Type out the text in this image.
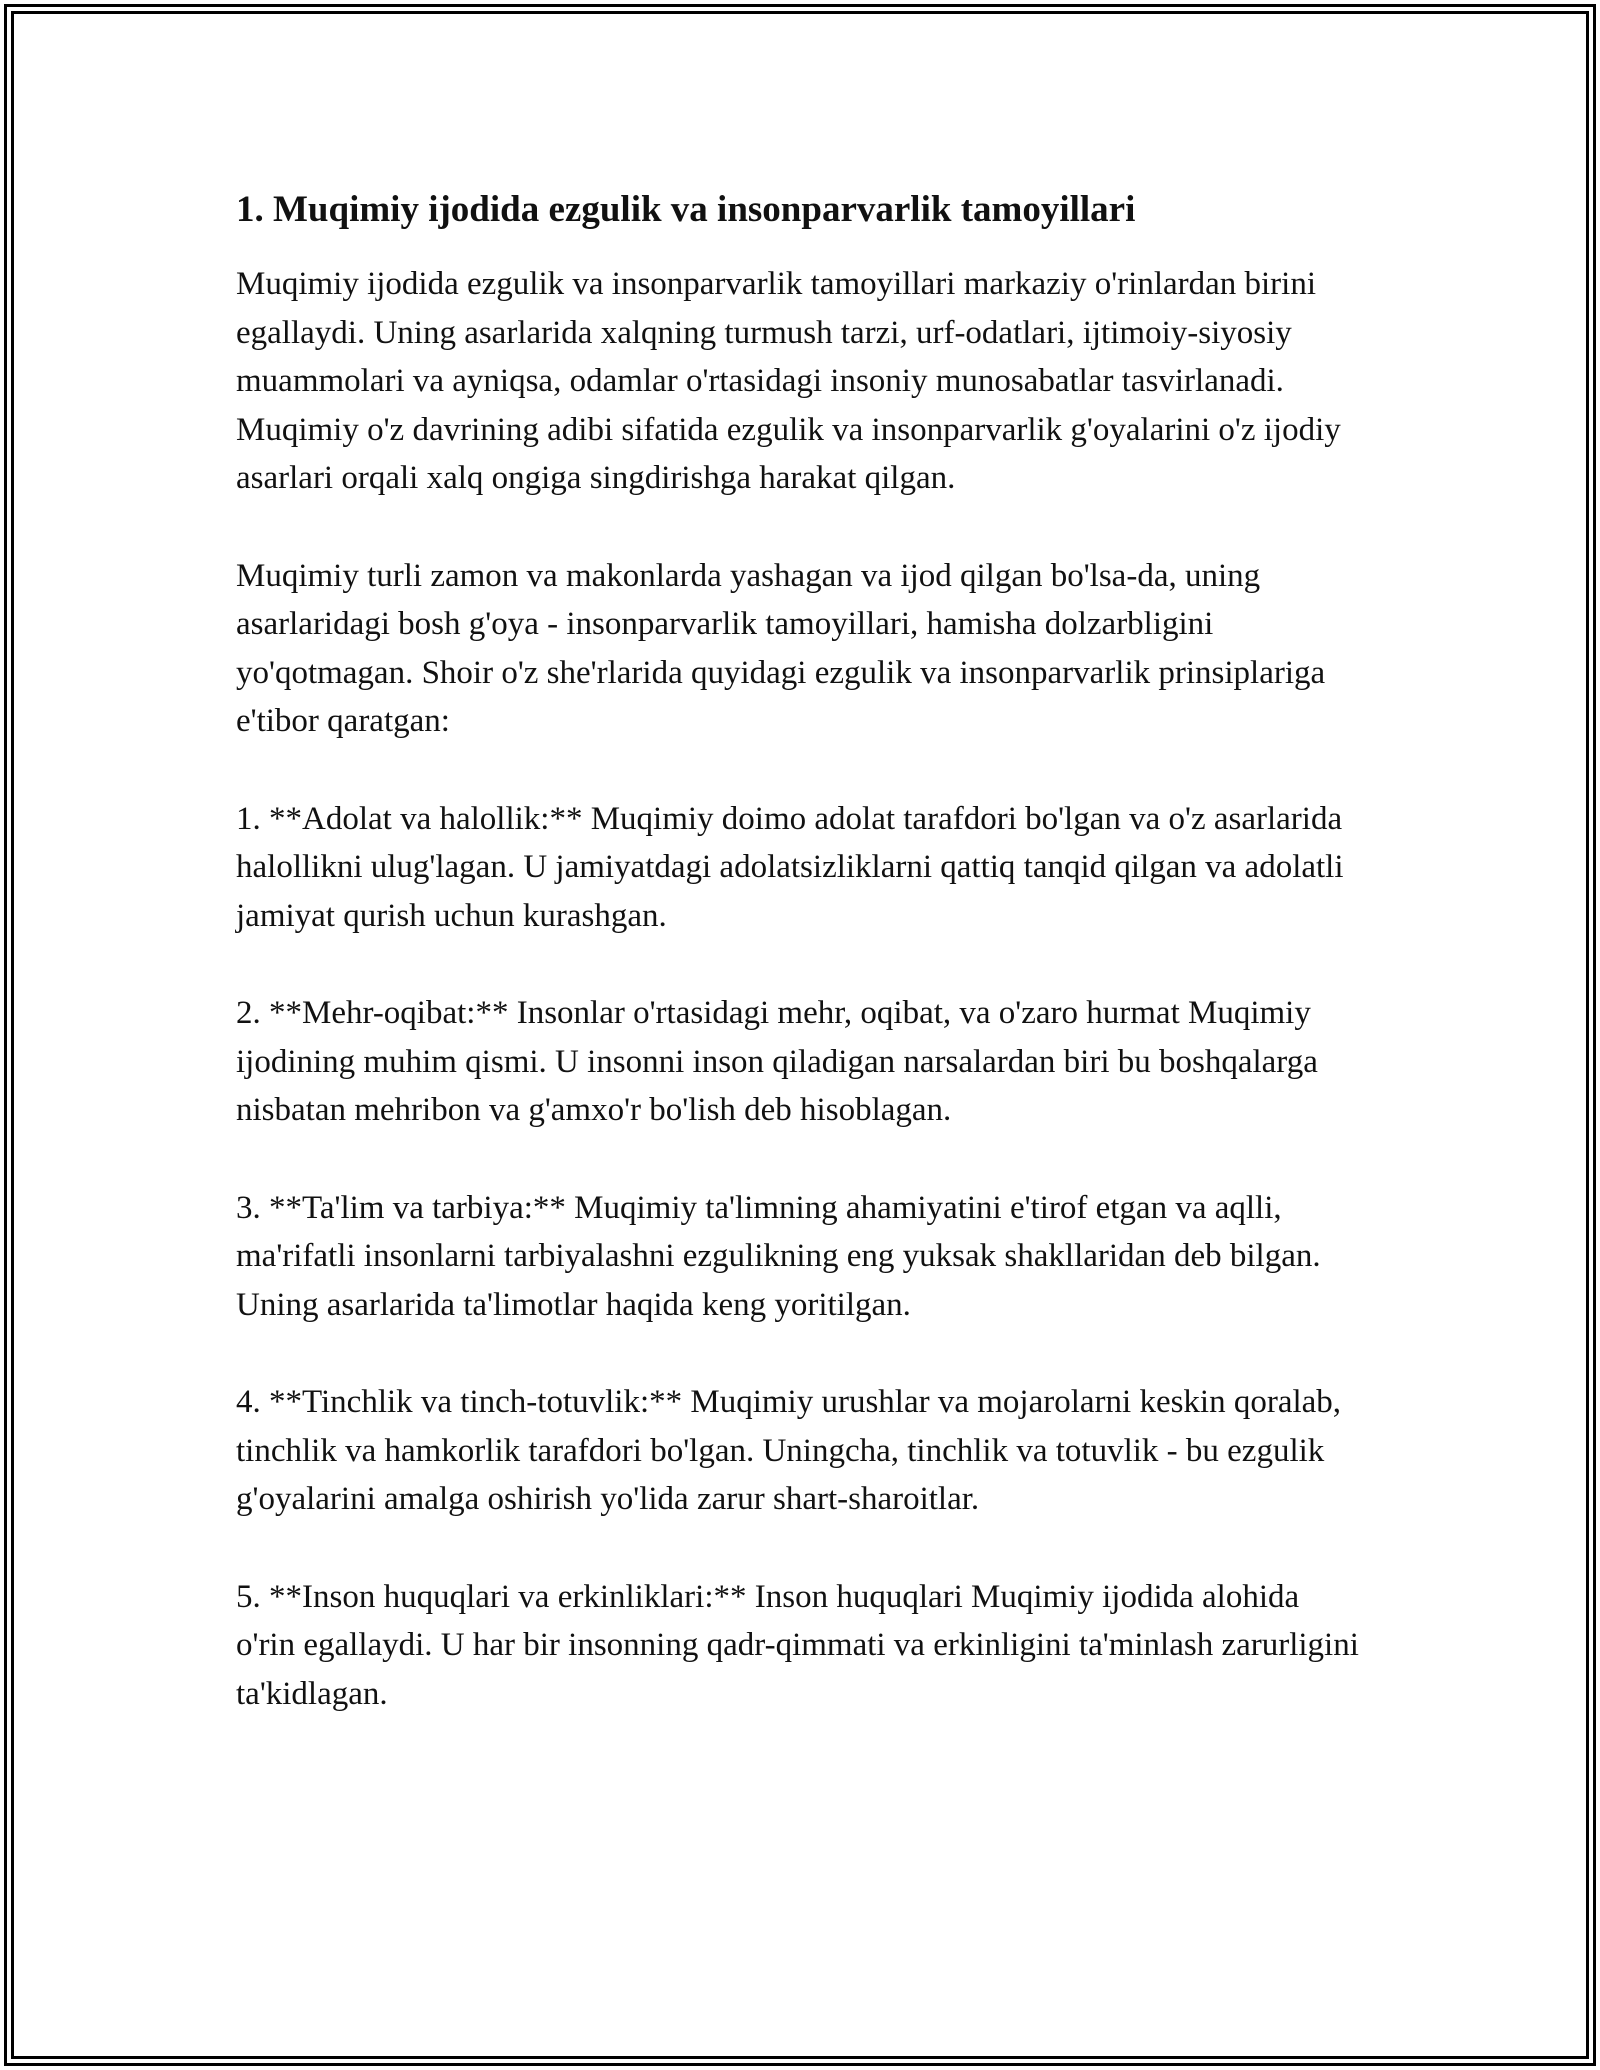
1. Muqimiy ijodida ezgulik va insonparvarlik tamoyillari

Muqimiy ijodida ezgulik va insonparvarlik tamoyillari markaziy o'rinlardan birini egallaydi. Uning asarlarida xalqning turmush tarzi, urf-odatlari, ijtimoiy-siyosiy muammolari va ayniqsa, odamlar o'rtasidagi insoniy munosabatlar tasvirlanadi. Muqimiy o'z davrining adibi sifatida ezgulik va insonparvarlik g'oyalarini o'z ijodiy asarlari orqali xalq ongiga singdirishga harakat qilgan.

Muqimiy turli zamon va makonlarda yashagan va ijod qilgan bo'lsa-da, uning asarlaridagi bosh g'oya - insonparvarlik tamoyillari, hamisha dolzarbligini yo'qotmagan. Shoir o'z she'rlarida quyidagi ezgulik va insonparvarlik prinsiplariga e'tibor qaratgan:

1. **Adolat va halollik:** Muqimiy doimo adolat tarafdori bo'lgan va o'z asarlarida halollikni ulug'lagan. U jamiyatdagi adolatsizliklarni qattiq tanqid qilgan va adolatli jamiyat qurish uchun kurashgan.

2. **Mehr-oqibat:** Insonlar o'rtasidagi mehr, oqibat, va o'zaro hurmat Muqimiy ijodining muhim qismi. U insonni inson qiladigan narsalardan biri bu boshqalarga nisbatan mehribon va g'amxo'r bo'lish deb hisoblagan.

3. **Ta'lim va tarbiya:** Muqimiy ta'limning ahamiyatini e'tirof etgan va aqlli, ma'rifatli insonlarni tarbiyalashni ezgulikning eng yuksak shakllaridan deb bilgan. Uning asarlarida ta'limotlar haqida keng yoritilgan.

4. **Tinchlik va tinch-totuvlik:** Muqimiy urushlar va mojarolarni keskin qoralab, tinchlik va hamkorlik tarafdori bo'lgan. Uningcha, tinchlik va totuvlik - bu ezgulik g'oyalarini amalga oshirish yo'lida zarur shart-sharoitlar.

5. **Inson huquqlari va erkinliklari:** Inson huquqlari Muqimiy ijodida alohida o'rin egallaydi. U har bir insonning qadr-qimmati va erkinligini ta'minlash zarurligini ta'kidlagan.
